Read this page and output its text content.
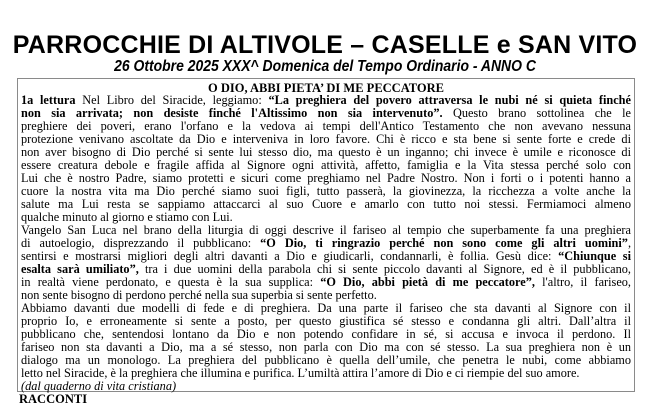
PARROCCHIE DI ALTIVOLE – CASELLE e SAN VITO
26 Ottobre 2025 XXX^ Domenica del Tempo Ordinario - ANNO C
O DIO, ABBI PIETA’ DI ME PECCATORE
1a lettura Nel Libro del Siracide, leggiamo: “La preghiera del povero attraversa le nubi né si quieta finché
non sia arrivata; non desiste finché l'Altissimo non sia intervenuto”. Questo brano sottolinea che le
preghiere dei poveri, erano l'orfano e la vedova ai tempi dell'Antico Testamento che non avevano nessuna
protezione venivano ascoltate da Dio e interveniva in loro favore. Chi è ricco e sta bene si sente forte e crede di
non aver bisogno di Dio perché si sente lui stesso dio, ma questo è un inganno; chi invece è umile e riconosce di
essere creatura debole e fragile affida al Signore ogni attività, affetto, famiglia e la Vita stessa perché solo con
Lui che è nostro Padre, siamo protetti e sicuri come preghiamo nel Padre Nostro. Non i forti o i potenti hanno a
cuore la nostra vita ma Dio perché siamo suoi figli, tutto passerà, la giovinezza, la ricchezza a volte anche la
salute ma Lui resta se sappiamo attaccarci al suo Cuore e amarlo con tutto noi stessi. Fermiamoci almeno
qualche minuto al giorno e stiamo con Lui.
Vangelo San Luca nel brano della liturgia di oggi descrive il fariseo al tempio che superbamente fa una preghiera
di autoelogio, disprezzando il pubblicano: “O Dio, ti ringrazio perché non sono come gli altri uomini”,
sentirsi e mostrarsi migliori degli altri davanti a Dio e giudicarli, condannarli, è follia. Gesù dice: “Chiunque si
esalta sarà umiliato”, tra i due uomini della parabola chi si sente piccolo davanti al Signore, ed è il pubblicano,
in realtà viene perdonato, e questa è la sua supplica: “O Dio, abbi pietà di me peccatore”, l'altro, il fariseo,
non sente bisogno di perdono perché nella sua superbia si sente perfetto.
Abbiamo davanti due modelli di fede e di preghiera. Da una parte il fariseo che sta davanti al Signore con il
proprio Io, e erroneamente si sente a posto, per questo giustifica sé stesso e condanna gli altri. Dall’altra il
pubblicano che, sentendosi lontano da Dio e non potendo confidare in sé, si accusa e invoca il perdono. Il
fariseo non sta davanti a Dio, ma a sé stesso, non parla con Dio ma con sé stesso. La sua preghiera non è un
dialogo ma un monologo. La preghiera del pubblicano è quella dell’umile, che penetra le nubi, come abbiamo
letto nel Siracide, è la preghiera che illumina e purifica. L’umiltà attira l’amore di Dio e ci riempie del suo amore.
(dal quaderno di vita cristiana)
RACCONTI
